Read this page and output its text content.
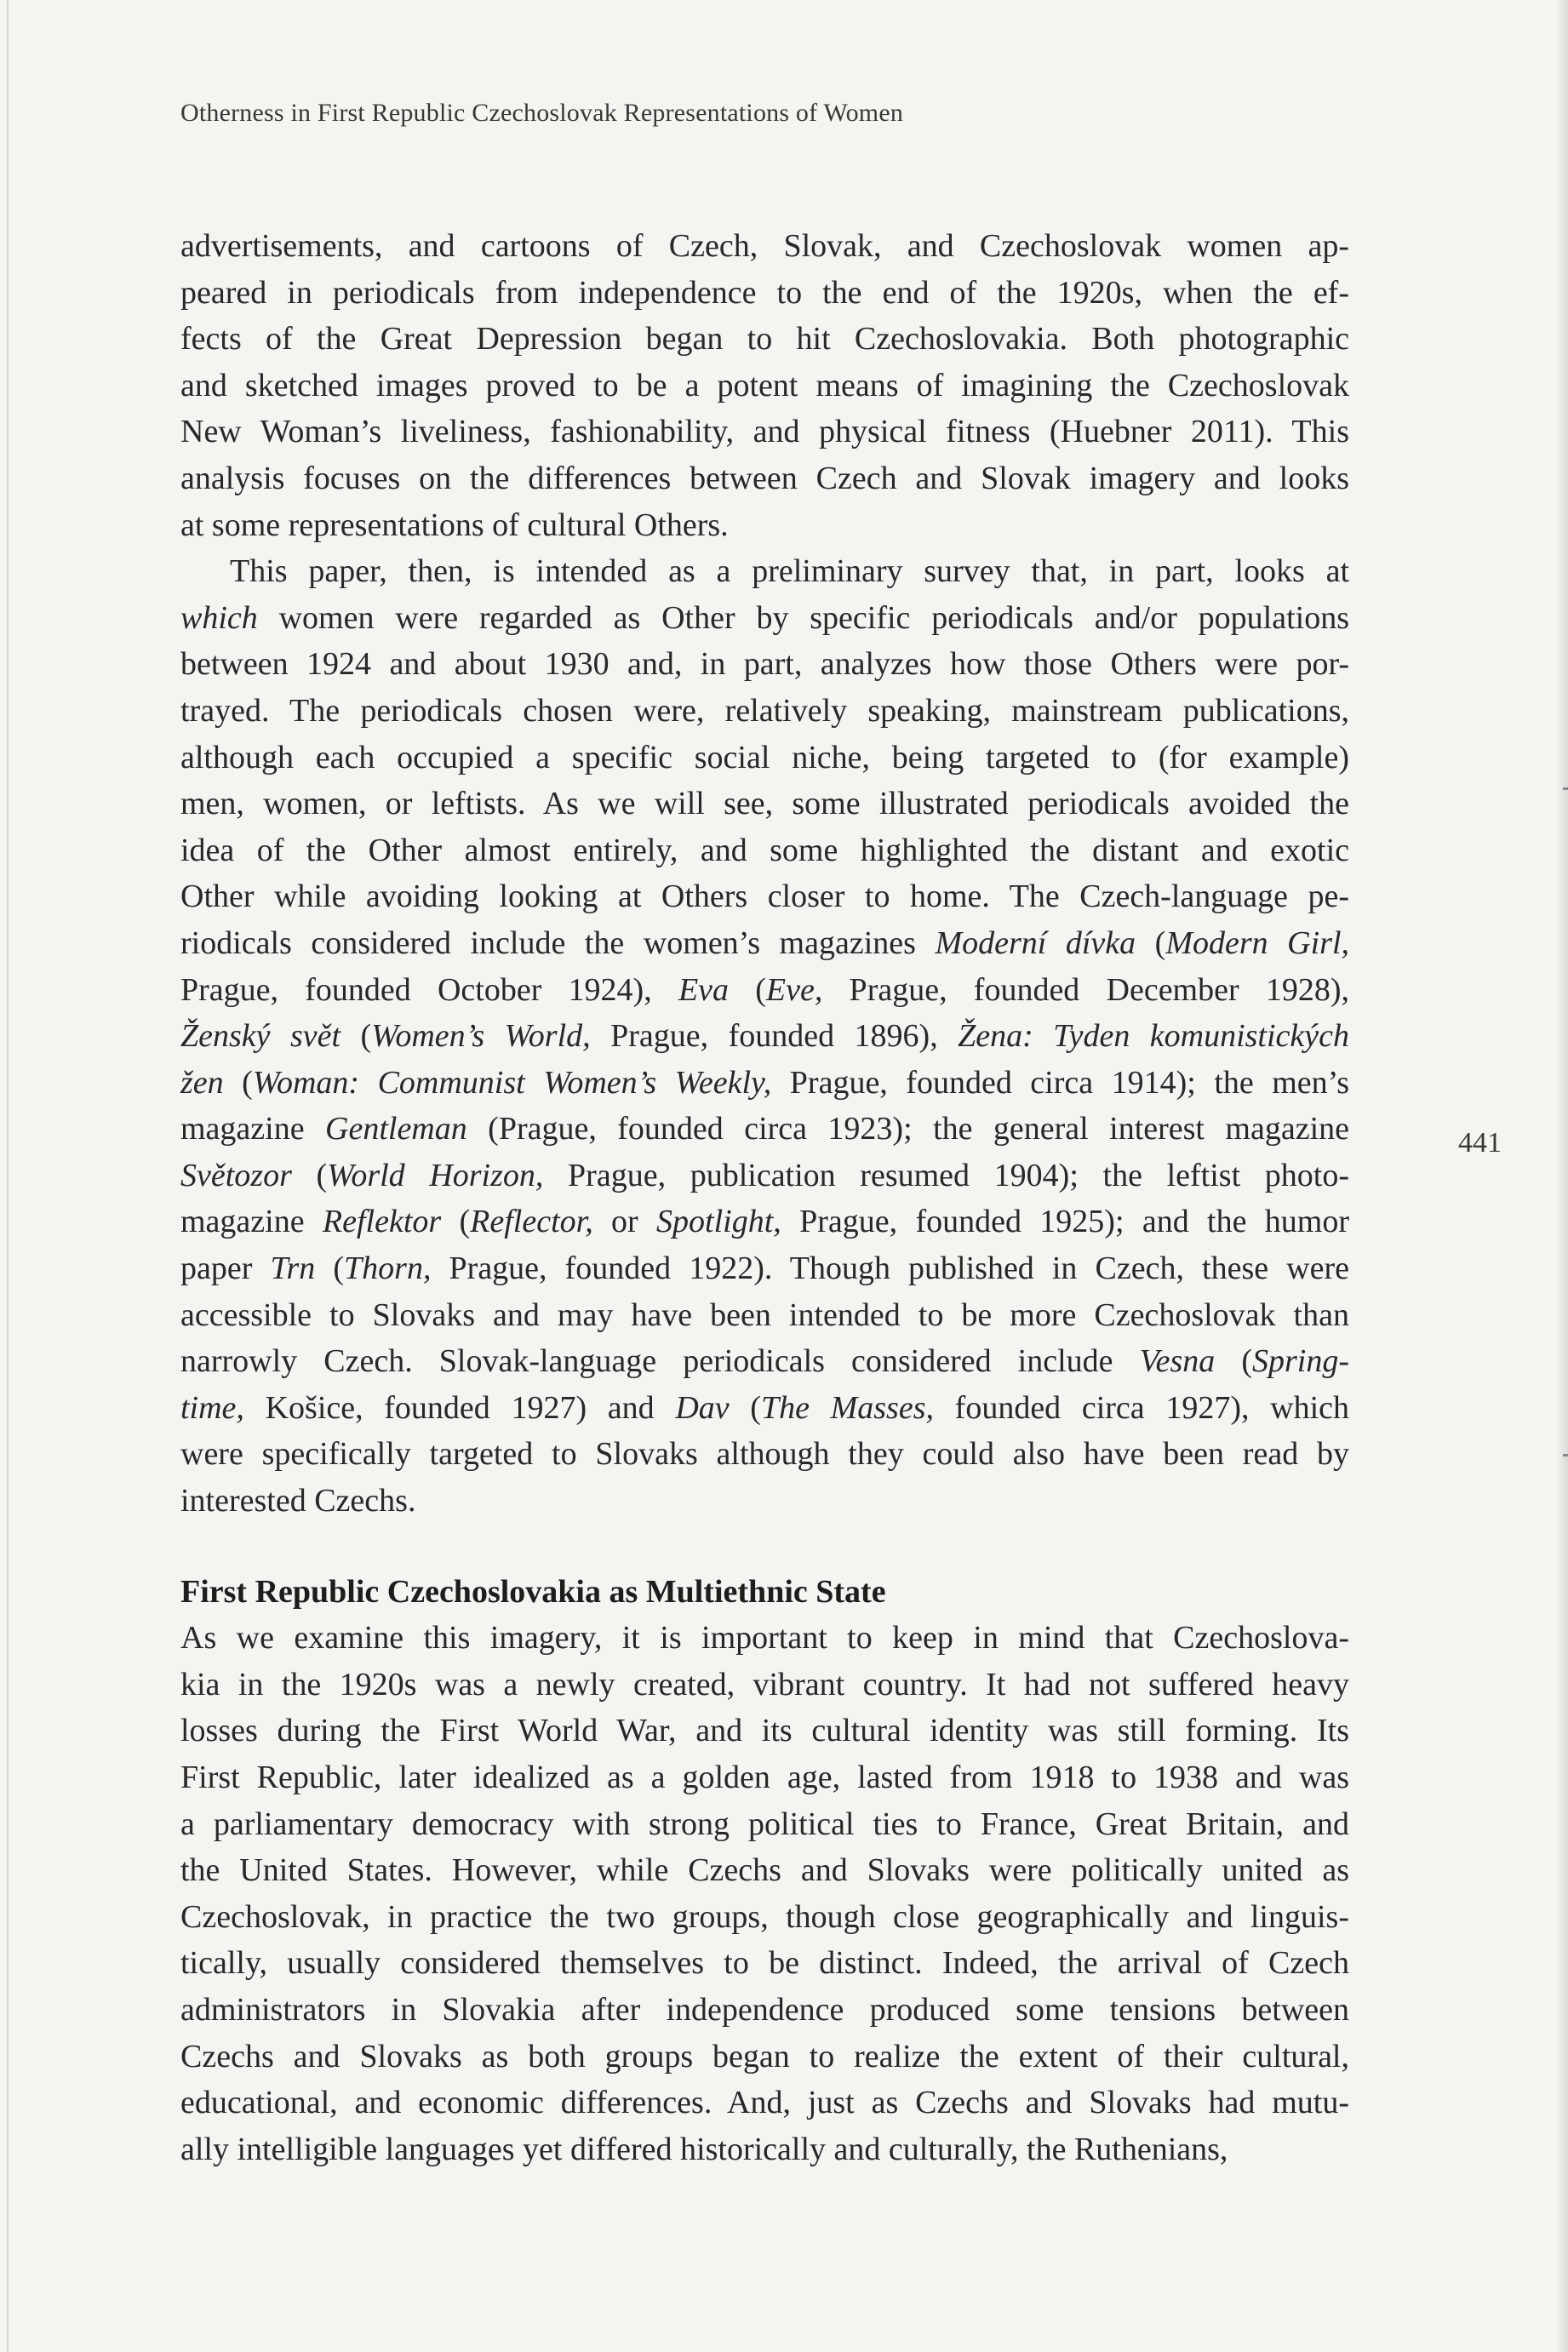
Otherness in First Republic Czechoslovak Representations of Women
441
advertisements, and cartoons of Czech, Slovak, and Czechoslovak women ap-
peared in periodicals from independence to the end of the 1920s, when the ef-
fects of the Great Depression began to hit Czechoslovakia. Both photographic
and sketched images proved to be a potent means of imagining the Czechoslovak
New Woman’s liveliness, fashionability, and physical fitness (Huebner 2011). This
analysis focuses on the differences between Czech and Slovak imagery and looks
at some representations of cultural Others.
This paper, then, is intended as a preliminary survey that, in part, looks at
which women were regarded as Other by specific periodicals and/or populations
between 1924 and about 1930 and, in part, analyzes how those Others were por-
trayed. The periodicals chosen were, relatively speaking, mainstream publications,
although each occupied a specific social niche, being targeted to (for example)
men, women, or leftists. As we will see, some illustrated periodicals avoided the
idea of the Other almost entirely, and some highlighted the distant and exotic
Other while avoiding looking at Others closer to home. The Czech-language pe-
riodicals considered include the women’s magazines Moderní dívka (Modern Girl,
Prague, founded October 1924), Eva (Eve, Prague, founded December 1928),
Ženský svět (Women’s World, Prague, founded 1896), Žena: Tyden komunistických
žen (Woman: Communist Women’s Weekly, Prague, founded circa 1914); the men’s
magazine Gentleman (Prague, founded circa 1923); the general interest magazine
Světozor (World Horizon, Prague, publication resumed 1904); the leftist photo-
magazine Reflektor (Reflector, or Spotlight, Prague, founded 1925); and the humor
paper Trn (Thorn, Prague, founded 1922). Though published in Czech, these were
accessible to Slovaks and may have been intended to be more Czechoslovak than
narrowly Czech. Slovak-language periodicals considered include Vesna (Spring-
time, Košice, founded 1927) and Dav (The Masses, founded circa 1927), which
were specifically targeted to Slovaks although they could also have been read by
interested Czechs.
First Republic Czechoslovakia as Multiethnic State
As we examine this imagery, it is important to keep in mind that Czechoslova-
kia in the 1920s was a newly created, vibrant country. It had not suffered heavy
losses during the First World War, and its cultural identity was still forming. Its
First Republic, later idealized as a golden age, lasted from 1918 to 1938 and was
a parliamentary democracy with strong political ties to France, Great Britain, and
the United States. However, while Czechs and Slovaks were politically united as
Czechoslovak, in practice the two groups, though close geographically and linguis-
tically, usually considered themselves to be distinct. Indeed, the arrival of Czech
administrators in Slovakia after independence produced some tensions between
Czechs and Slovaks as both groups began to realize the extent of their cultural,
educational, and economic differences. And, just as Czechs and Slovaks had mutu-
ally intelligible languages yet differed historically and culturally, the Ruthenians,
